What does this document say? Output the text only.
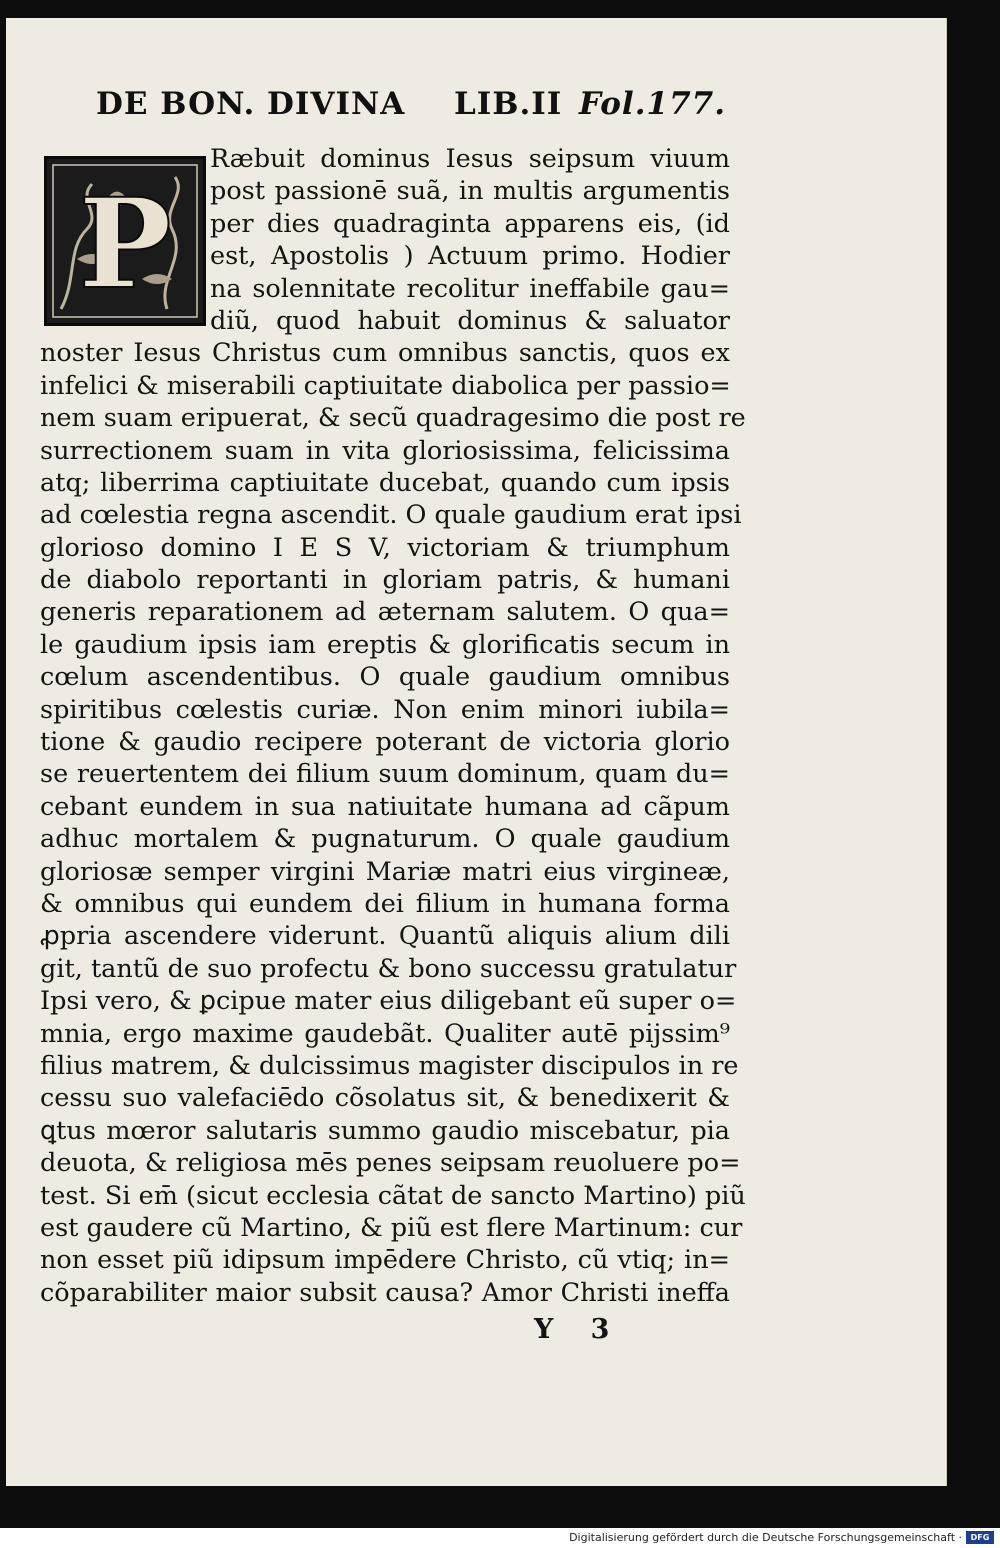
DE BON. DIVINA LIB.II Fol.177.
P
Ræbuit dominus Iesus seipsum viuum
post passionē suã, in multis argumentis
per dies quadraginta apparens eis, (id
est, Apostolis ) Actuum primo. Hodier
na solennitate recolitur ineffabile gau=
diũ, quod habuit dominus & saluator
noster Iesus Christus cum omnibus sanctis, quos ex
infelici & miserabili captiuitate diabolica per passio=
nem suam eripuerat, & secũ quadragesimo die post re
surrectionem suam in vita gloriosissima, felicissima
atq; liberrima captiuitate ducebat, quando cum ipsis
ad cœlestia regna ascendit. O quale gaudium erat ipsi
glorioso domino I E S V, victoriam & triumphum
de diabolo reportanti in gloriam patris, & humani
generis reparationem ad æternam salutem. O qua=
le gaudium ipsis iam ereptis & glorificatis secum in
cœlum ascendentibus. O quale gaudium omnibus
spiritibus cœlestis curiæ. Non enim minori iubila=
tione & gaudio recipere poterant de victoria glorio
se reuertentem dei filium suum dominum, quam du=
cebant eundem in sua natiuitate humana ad cãpum
adhuc mortalem & pugnaturum. O quale gaudium
gloriosæ semper virgini Mariæ matri eius virgineæ,
& omnibus qui eundem dei filium in humana forma
ꝓpria ascendere viderunt. Quantũ aliquis alium dili
git, tantũ de suo profectu & bono successu gratulatur
Ipsi vero, & ꝑcipue mater eius diligebant eũ super o=
mnia, ergo maxime gaudebãt. Qualiter autē pijssim⁹
filius matrem, & dulcissimus magister discipulos in re
cessu suo valefaciēdo cõsolatus sit, & benedixerit &
ꝗtus mœror salutaris summo gaudio miscebatur, pia
deuota, & religiosa mēs penes seipsam reuoluere po=
test. Si em̄ (sicut ecclesia cãtat de sancto Martino) piũ
est gaudere cũ Martino, & piũ est flere Martinum: cur
non esset piũ idipsum impēdere Christo, cũ vtiq; in=
cõparabiliter maior subsit causa? Amor Christi ineffa
Y 3
Digitalisierung gefördert durch die Deutsche Forschungsgemeinschaft ·	DFG
